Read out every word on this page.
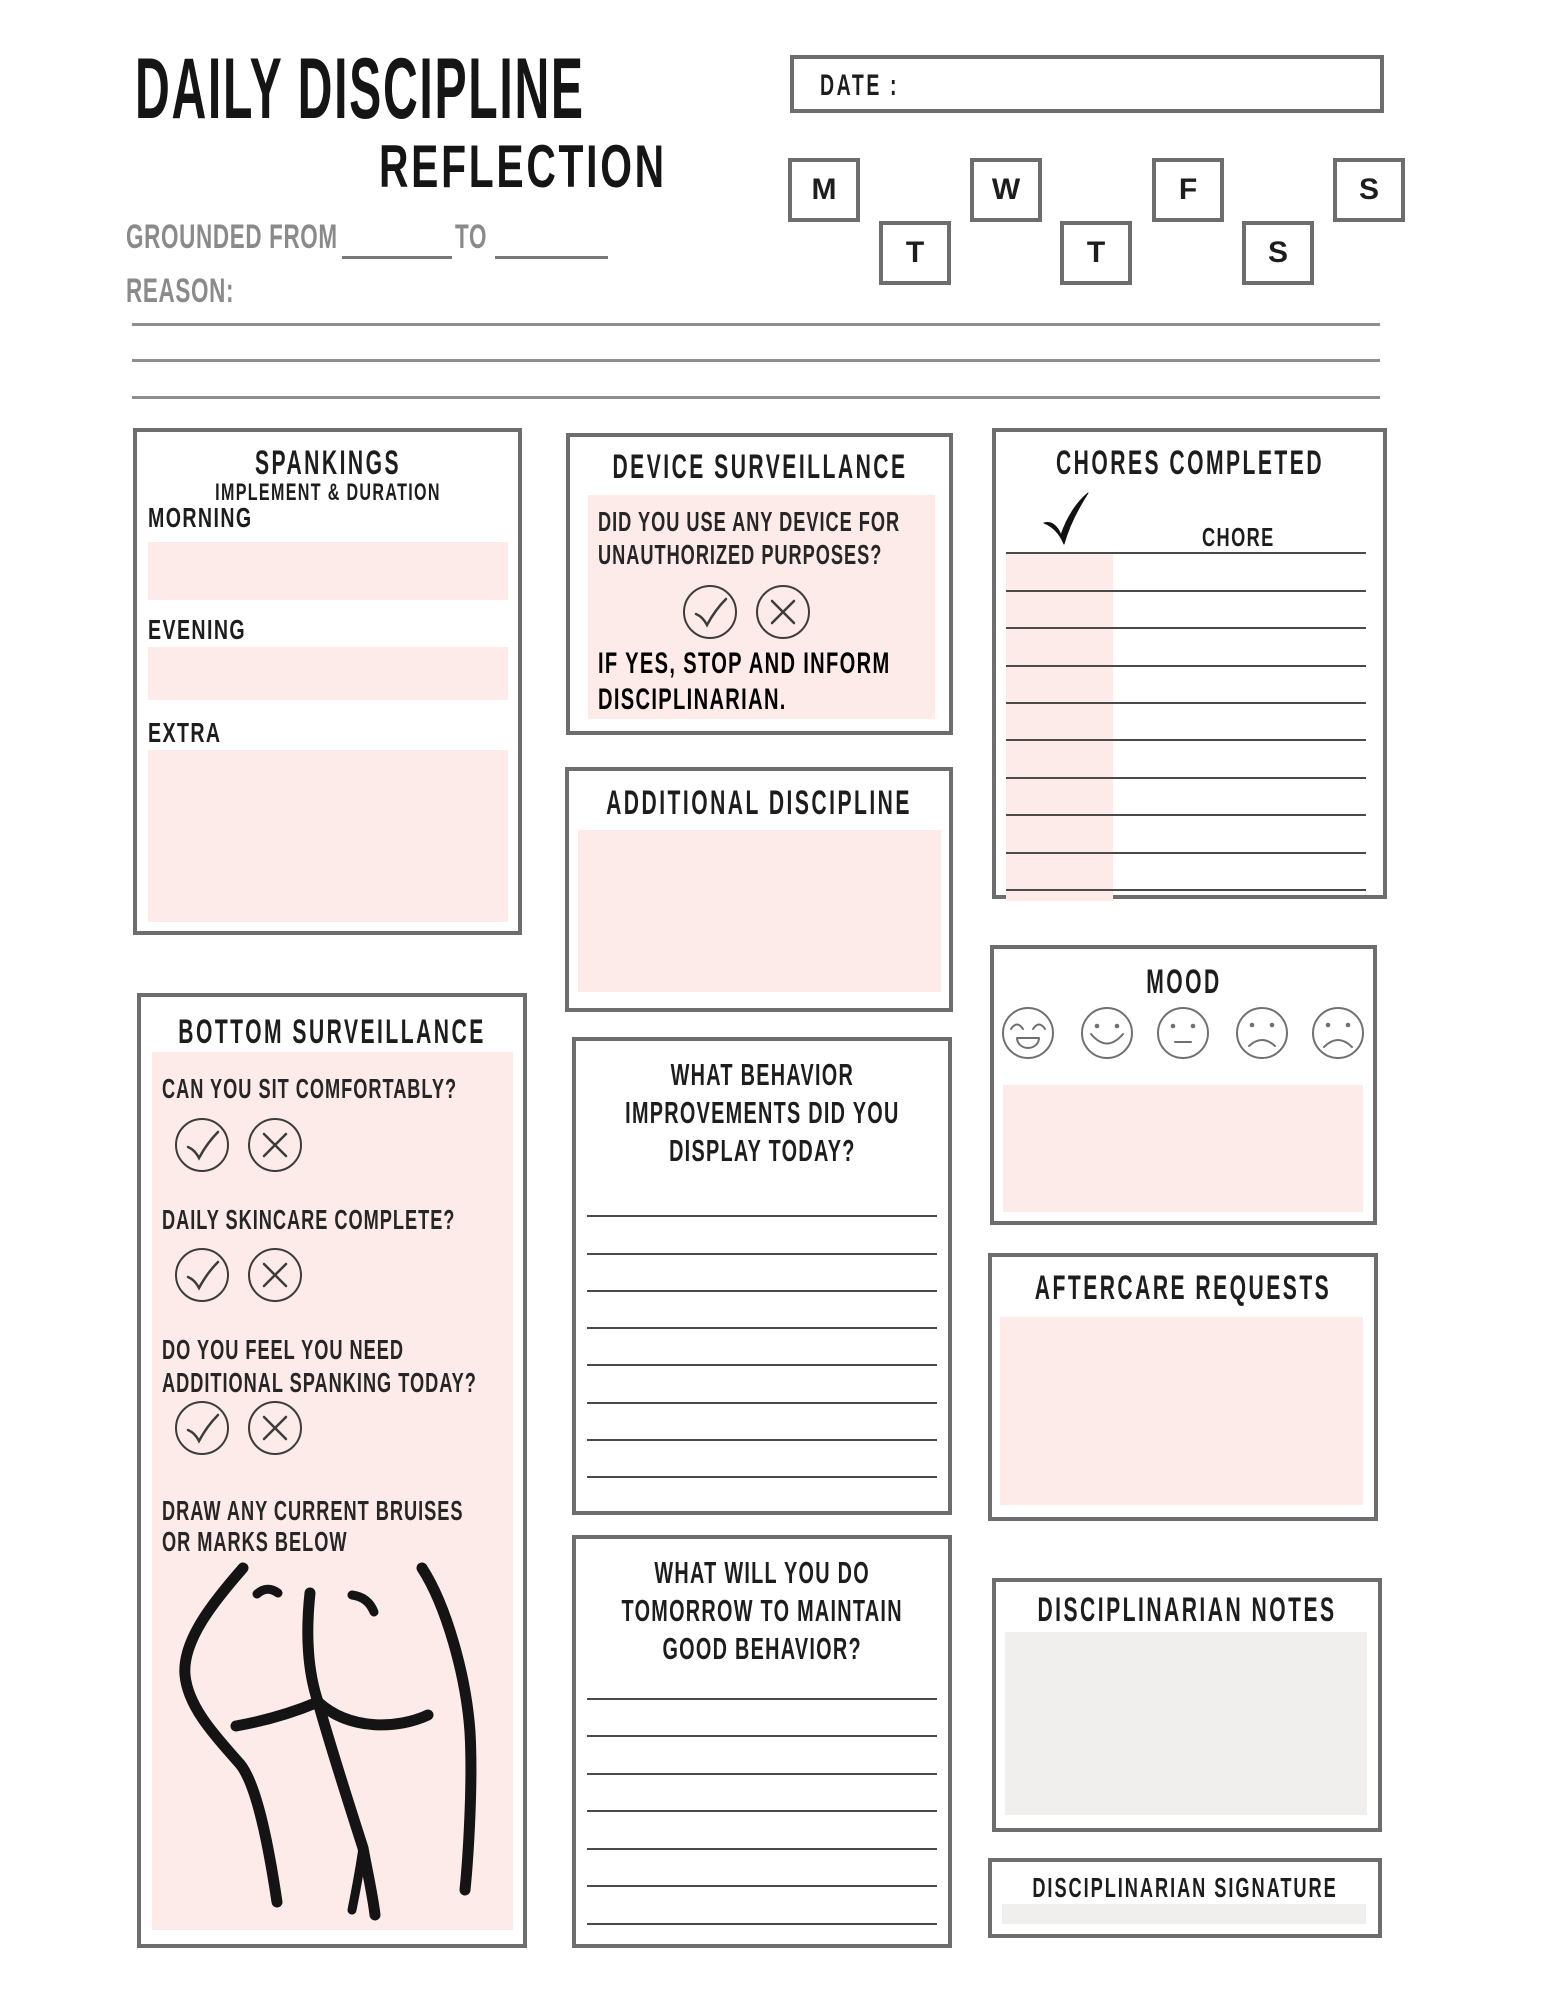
DAILY DISCIPLINE
REFLECTION
GROUNDED FROM	TO
REASON:
DATE :
M
T
W
T
F
S
S
SPANKINGS
IMPLEMENT & DURATION
MORNING
EVENING
EXTRA
BOTTOM SURVEILLANCE
CAN YOU SIT COMFORTABLY?
DAILY SKINCARE COMPLETE?
DO YOU FEEL YOU NEED ADDITIONAL SPANKING TODAY?
DRAW ANY CURRENT BRUISES OR MARKS BELOW
DEVICE SURVEILLANCE
DID YOU USE ANY DEVICE FOR UNAUTHORIZED PURPOSES?
IF YES, STOP AND INFORM DISCIPLINARIAN.
ADDITIONAL DISCIPLINE
WHAT BEHAVIOR IMPROVEMENTS DID YOU DISPLAY TODAY?
WHAT WILL YOU DO TOMORROW TO MAINTAIN GOOD BEHAVIOR?
CHORES COMPLETED
CHORE
MOOD
AFTERCARE REQUESTS
DISCIPLINARIAN NOTES
DISCIPLINARIAN SIGNATURE
